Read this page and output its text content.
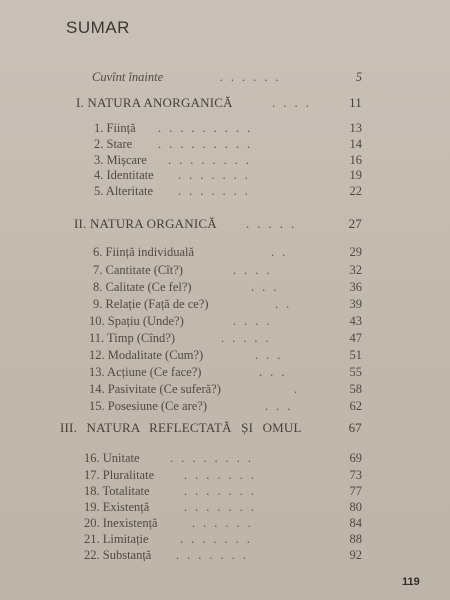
SUMAR
Cuvînt înainte	......	5
I. NATURA ANORGANICĂ	....	11
1. Ființă .........	13
2. Stare .........	14
3. Mișcare ........	16
4. Identitate .......	19
5. Alteritate .......	22
II. NATURA ORGANICĂ .....	27
6. Ființă individuală	..	29
7. Cantitate (Cît?)	....	32
8. Calitate (Ce fel?)	...	36
9. Relație (Față de ce?)	..	39
10. Spațiu (Unde?)	....	43
11. Timp (Cînd?)	.....	47
12. Modalitate (Cum?)	...	51
13. Acțiune (Ce face?)	...	55
14. Pasivitate (Ce suferă?)	.	58
15. Posesiune (Ce are?)	...	62
III. NATURA REFLECTATĂ ȘI OMUL	67
16. Unitate ........	69
17. Pluralitate .......	73
18. Totalitate	.......	77
19. Existență	.......	80
20. Inexistență	......	84
21. Limitație	.......	88
22. Substanță .......	92
119
